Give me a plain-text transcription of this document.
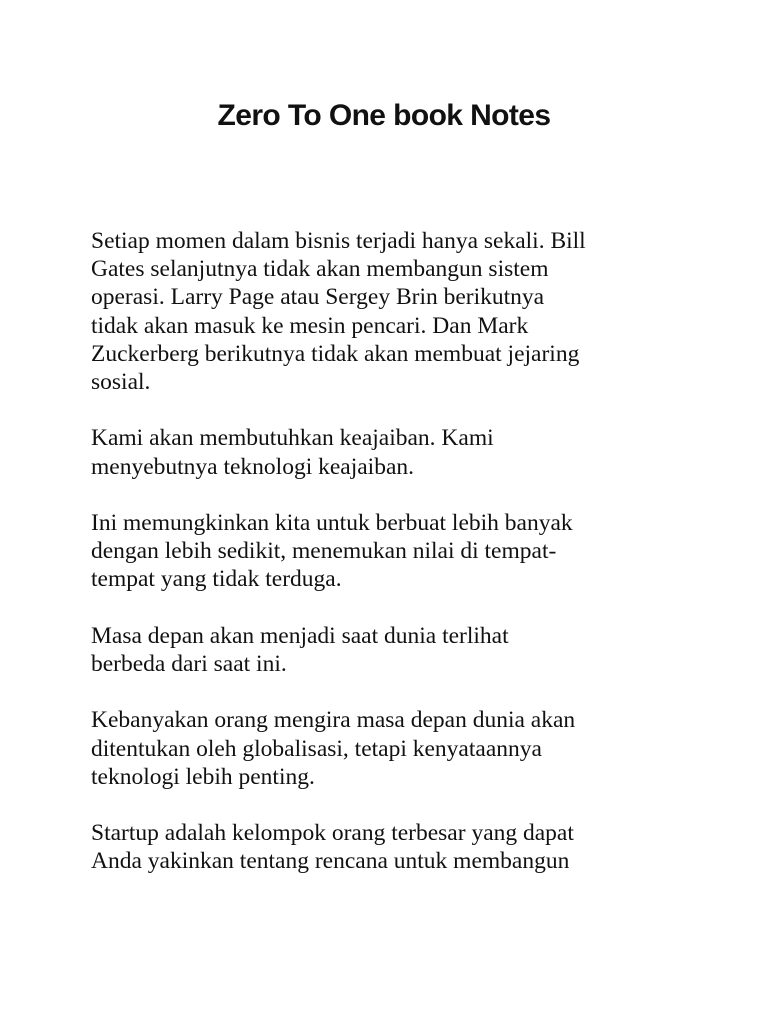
Zero To One book Notes

Setiap momen dalam bisnis terjadi hanya sekali. Bill
Gates selanjutnya tidak akan membangun sistem
operasi. Larry Page atau Sergey Brin berikutnya
tidak akan masuk ke mesin pencari. Dan Mark
Zuckerberg berikutnya tidak akan membuat jejaring
sosial.

Kami akan membutuhkan keajaiban. Kami
menyebutnya teknologi keajaiban.

Ini memungkinkan kita untuk berbuat lebih banyak
dengan lebih sedikit, menemukan nilai di tempat-
tempat yang tidak terduga.

Masa depan akan menjadi saat dunia terlihat
berbeda dari saat ini.

Kebanyakan orang mengira masa depan dunia akan
ditentukan oleh globalisasi, tetapi kenyataannya
teknologi lebih penting.

Startup adalah kelompok orang terbesar yang dapat
Anda yakinkan tentang rencana untuk membangun
